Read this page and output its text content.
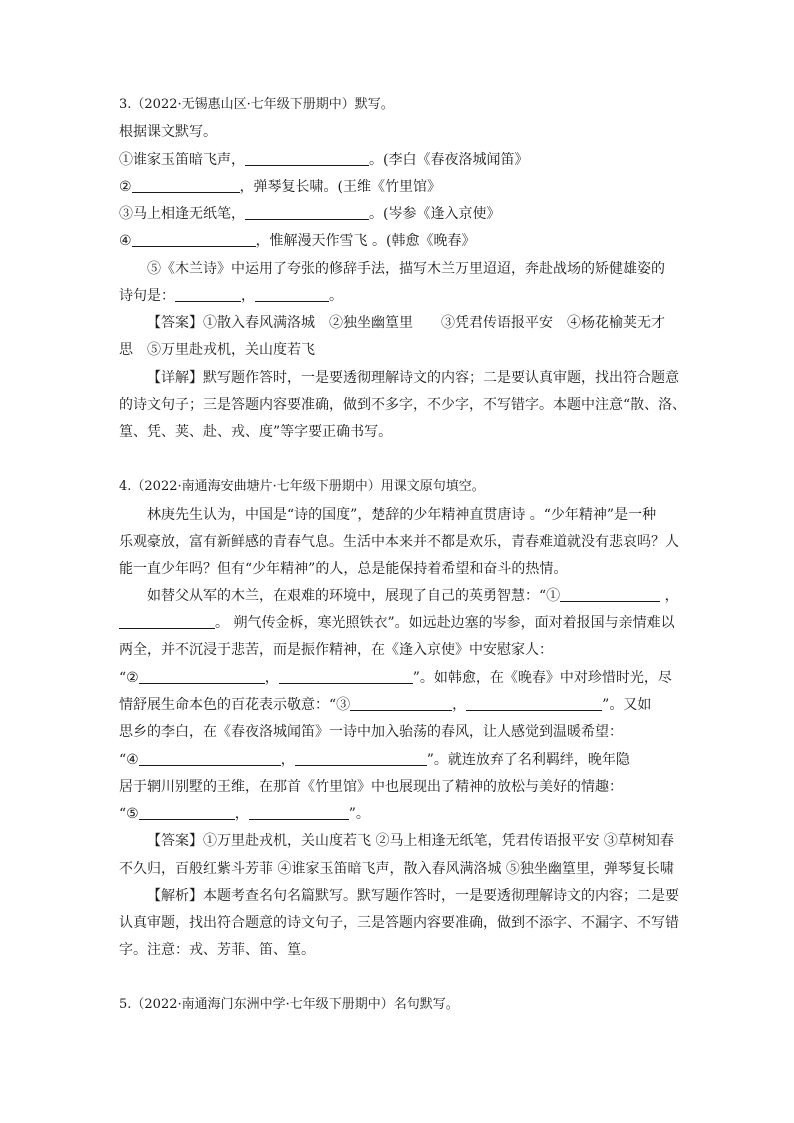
3.（2022·无锡惠山区·七年级下册期中）默写。
根据课文默写。
①谁家玉笛暗飞声，	。(李白《春夜洛城闻笛》
②	，弹琴复长啸。(王维《竹里馆》
③马上相逢无纸笔，	。(岑参《逢入京使》
④	，惟解漫天作雪飞 。(韩愈《晚春》
⑤《木兰诗》中运用了夸张的修辞手法，描写木兰万里迢迢，奔赴战场的矫健雄姿的
诗句是：	，	。
【答案】①散入春风满洛城　②独坐幽篁里　　③凭君传语报平安　④杨花榆荚无才
思　⑤万里赴戎机，关山度若飞
【详解】默写题作答时，一是要透彻理解诗文的内容；二是要认真审题，找出符合题意
的诗文句子；三是答题内容要准确，做到不多字，不少字，不写错字。本题中注意“散、洛、
篁、凭、荚、赴、戎、度”等字要正确书写。
4.（2022·南通海安曲塘片·七年级下册期中）用课文原句填空。
林庚先生认为，中国是“诗的国度”，楚辞的少年精神直贯唐诗 。“少年精神”是一种
乐观豪放，富有新鲜感的青春气息。生活中本来并不都是欢乐，青春难道就没有悲哀吗？人
能一直少年吗？但有“少年精神”的人，总是能保持着希望和奋斗的热情。
如替父从军的木兰，在艰难的环境中，展现了自己的英勇智慧：“①	，
。 朔气传金柝，寒光照铁衣”。如远赴边塞的岑参，面对着报国与亲情难以
两全，并不沉浸于悲苦，而是振作精神，在《逢入京使》中安慰家人：
“②	，	”。如韩愈，在《晚春》中对珍惜时光，尽
情舒展生命本色的百花表示敬意：“③	，	”。又如
思乡的李白，在《春夜洛城闻笛》一诗中加入骀荡的春风，让人感觉到温暖希望：
“④	，	”。就连放弃了名利羁绊，晚年隐
居于辋川别墅的王维，在那首《竹里馆》中也展现出了精神的放松与美好的情趣：
“⑤	，	”。
【答案】①万里赴戎机，关山度若飞 ②马上相逢无纸笔，凭君传语报平安 ③草树知春
不久归，百般红紫斗芳菲 ④谁家玉笛暗飞声，散入春风满洛城 ⑤独坐幽篁里，弹琴复长啸
【解析】本题考查名句名篇默写。默写题作答时，一是要透彻理解诗文的内容；二是要
认真审题，找出符合题意的诗文句子，三是答题内容要准确，做到不添字、不漏字、不写错
字。注意：戎、芳菲、笛、篁。
5.（2022·南通海门东洲中学·七年级下册期中）名句默写。
